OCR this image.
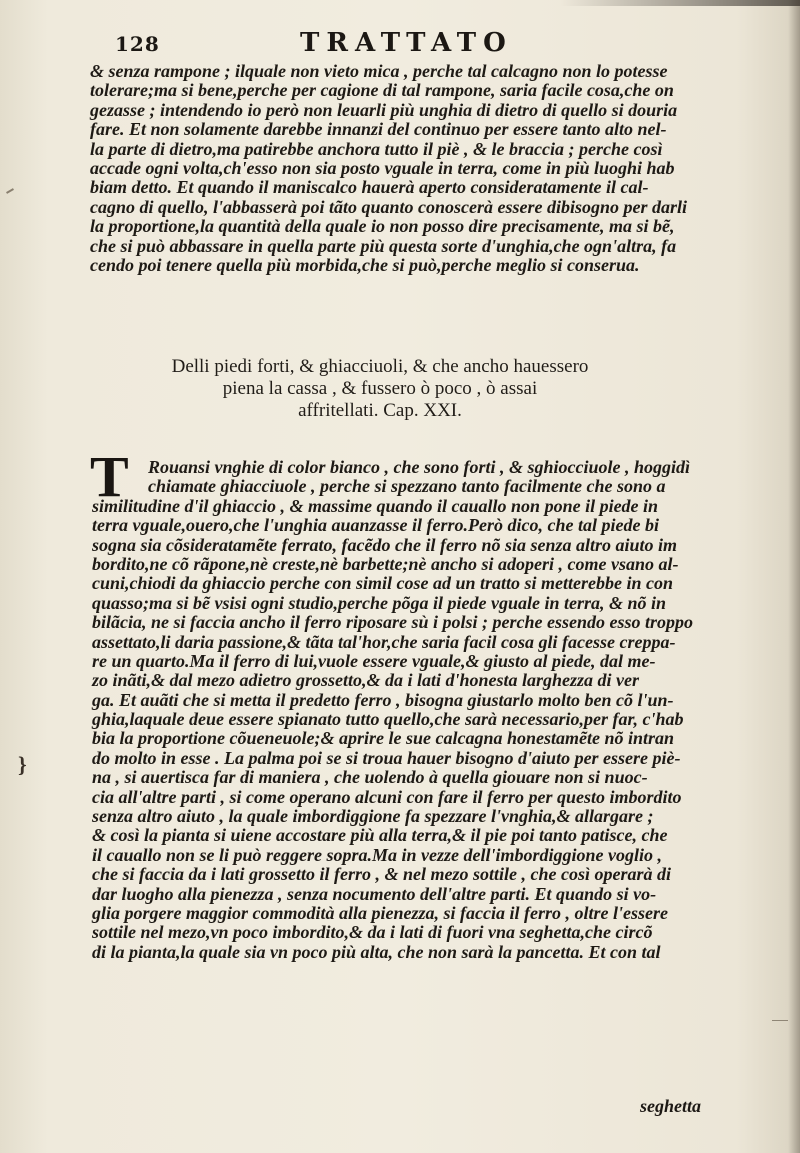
128	TRATTATO
& senza rampone ; ilquale non vieto mica , perche tal calcagno non lo potesse
tolerare;ma si bene,perche per cagione di tal rampone, saria facile cosa,che on
gezasse ; intendendo io però non leuarli più unghia di dietro di quello si douria
fare. Et non solamente darebbe innanzi del continuo per essere tanto alto nel-
la parte di dietro,ma patirebbe anchora tutto il piè , & le braccia ; perche così
accade ogni volta,ch'esso non sia posto vguale in terra, come in più luoghi hab
biam detto. Et quando il maniscalco hauerà aperto consideratamente il cal-
cagno di quello, l'abbasserà poi tãto quanto conoscerà essere dibisogno per darli
la proportione,la quantità della quale io non posso dire precisamente, ma si bẽ,
che si può abbassare in quella parte più questa sorte d'unghia,che ogn'altra, fa
cendo poi tenere quella più morbida,che si può,perche meglio si conserua.
Delli piedi forti, & ghiacciuoli, & che ancho hauessero
piena la cassa , & fussero ò poco , ò assai
affritellati. Cap. XXI.
T	Rouansi vnghie di color bianco , che sono forti , & sghiocciuole , hoggidì
chiamate ghiacciuole , perche si spezzano tanto facilmente che sono a
similitudine d'il ghiaccio , & massime quando il cauallo non pone il piede in
terra vguale,ouero,che l'unghia auanzasse il ferro.Però dico, che tal piede bi
sogna sia cõsideratamẽte ferrato, facẽdo che il ferro nõ sia senza altro aiuto im
bordito,ne cõ rãpone,nè creste,nè barbette;nè ancho si adoperi , come vsano al-
cuni,chiodi da ghiaccio perche con simil cose ad un tratto si metterebbe in con
quasso;ma si bẽ vsisi ogni studio,perche põga il piede vguale in terra, & nõ in
bilãcia, ne si faccia ancho il ferro riposare sù i polsi ; perche essendo esso troppo
assettato,li daria passione,& tãta tal'hor,che saria facil cosa gli facesse creppa-
re un quarto.Ma il ferro di lui,vuole essere vguale,& giusto al piede, dal me-
zo inãti,& dal mezo adietro grossetto,& da i lati d'honesta larghezza di ver
ga. Et auãti che si metta il predetto ferro , bisogna giustarlo molto ben cõ l'un-
ghia,laquale deue essere spianato tutto quello,che sarà necessario,per far, c'hab
bia la proportione cõueneuole;& aprire le sue calcagna honestamẽte nõ intran
do molto in esse . La palma poi se si troua hauer bisogno d'aiuto per essere piè-
na , si auertisca far di maniera , che uolendo à quella giouare non si nuoc-
cia all'altre parti , si come operano alcuni con fare il ferro per questo imbordito
senza altro aiuto , la quale imbordiggione fa spezzare l'vnghia,& allargare ;
& così la pianta si uiene accostare più alla terra,& il pie poi tanto patisce, che
il cauallo non se li può reggere sopra.Ma in vezze dell'imbordiggione voglio ,
che si faccia da i lati grossetto il ferro , & nel mezo sottile , che così operarà di
dar luogho alla pienezza , senza nocumento dell'altre parti. Et quando si vo-
glia porgere maggior commodità alla pienezza, si faccia il ferro , oltre l'essere
sottile nel mezo,vn poco imbordito,& da i lati di fuori vna seghetta,che circõ
di la pianta,la quale sia vn poco più alta, che non sarà la pancetta. Et con tal
seghetta
}
